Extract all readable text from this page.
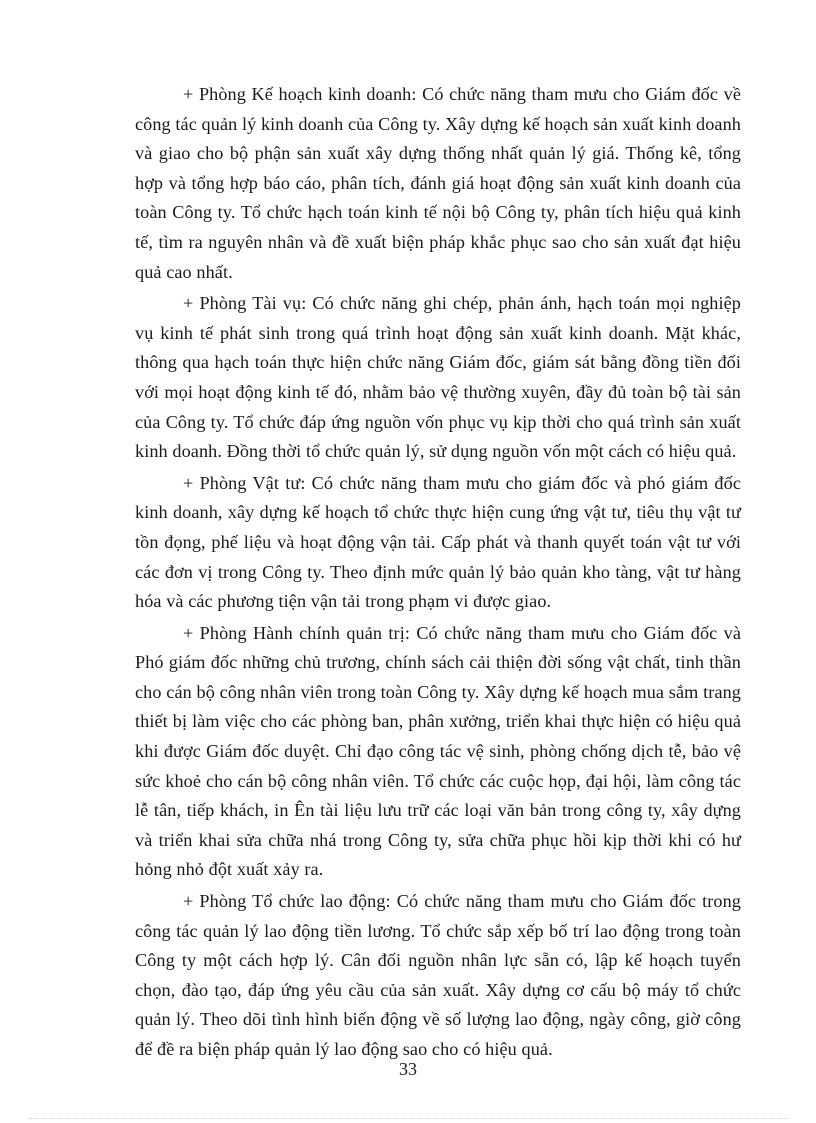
+ Phòng Kế hoạch kinh doanh: Có chức năng tham mưu cho Giám đốc về công tác quản lý kinh doanh của Công ty. Xây dựng kế hoạch sản xuất kinh doanh và giao cho bộ phận sản xuất xây dựng thống nhất quản lý giá. Thống kê, tổng hợp và tổng hợp báo cáo, phân tích, đánh giá hoạt động sản xuất kinh doanh của toàn Công ty. Tổ chức hạch toán kinh tế nội bộ Công ty, phân tích hiệu quả kinh tế, tìm ra nguyên nhân và đề xuất biện pháp khắc phục sao cho sản xuất đạt hiệu quả cao nhất.

+ Phòng Tài vụ: Có chức năng ghi chép, phản ánh, hạch toán mọi nghiệp vụ kinh tế phát sinh trong quá trình hoạt động sản xuất kinh doanh. Mặt khác, thông qua hạch toán thực hiện chức năng Giám đốc, giám sát bằng đồng tiền đối với mọi hoạt động kinh tế đó, nhằm bảo vệ thường xuyên, đầy đủ toàn bộ tài sản của Công ty. Tổ chức đáp ứng nguồn vốn phục vụ kịp thời cho quá trình sản xuất kinh doanh. Đồng thời tổ chức quản lý, sử dụng nguồn vốn một cách có hiệu quả.

+ Phòng Vật tư: Có chức năng tham mưu cho giám đốc và phó giám đốc kinh doanh, xây dựng kế hoạch tổ chức thực hiện cung ứng vật tư, tiêu thụ vật tư tồn đọng, phế liệu và hoạt động vận tải. Cấp phát và thanh quyết toán vật tư với các đơn vị trong Công ty. Theo định mức quản lý bảo quản kho tàng, vật tư hàng hóa và các phương tiện vận tải trong phạm vi được giao.

+ Phòng Hành chính quản trị: Có chức năng tham mưu cho Giám đốc và Phó giám đốc những chủ trương, chính sách cải thiện đời sống vật chất, tinh thần cho cán bộ công nhân viên trong toàn Công ty. Xây dựng kế hoạch mua sắm trang thiết bị làm việc cho các phòng ban, phân xưởng, triển khai thực hiện có hiệu quả khi được Giám đốc duyệt. Chỉ đạo công tác vệ sinh, phòng chống dịch tễ, bảo vệ sức khoẻ cho cán bộ công nhân viên. Tổ chức các cuộc họp, đại hội, làm công tác lễ tân, tiếp khách, in Ên tài liệu lưu trữ các loại văn bản trong công ty, xây dựng và triển khai sửa chữa nhá trong Công ty, sửa chữa phục hồi kịp thời khi có hư hỏng nhỏ đột xuất xảy ra.

+ Phòng Tổ chức lao động: Có chức năng tham mưu cho Giám đốc trong công tác quản lý lao động tiền lương. Tổ chức sắp xếp bố trí lao động trong toàn Công ty một cách hợp lý. Cân đối nguồn nhân lực sẵn có, lập kế hoạch tuyển chọn, đào tạo, đáp ứng yêu cầu của sản xuất. Xây dựng cơ cấu bộ máy tổ chức quản lý. Theo dõi tình hình biến động về số lượng lao động, ngày công, giờ công để đề ra biện pháp quản lý lao động sao cho có hiệu quả.

33
